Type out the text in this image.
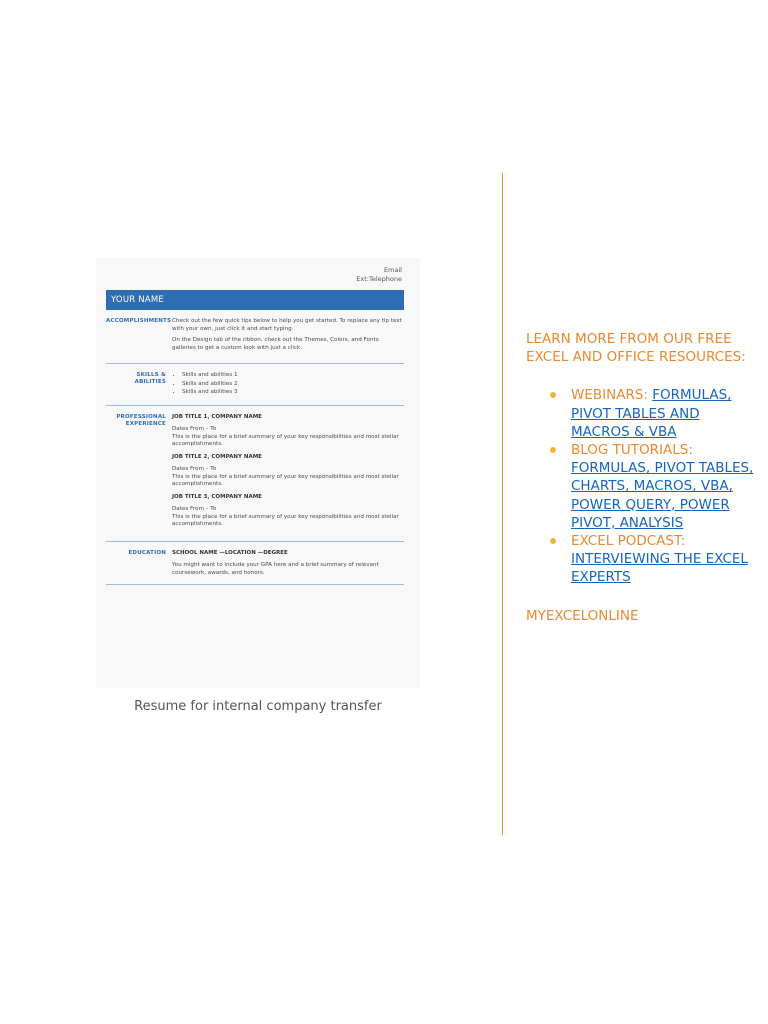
Email
Ext:Telephone
YOUR NAME
ACCOMPLISHMENTS Check out the few quick tips below to help you get started. To replace any tip text with your own, just click it and start typing.

On the Design tab of the ribbon, check out the Themes, Colors, and Fonts galleries to get a custom look with just a click.

SKILLS & ABILITIES
• Skills and abilities 1
• Skills and abilities 2
• Skills and abilities 3
PROFESSIONAL EXPERIENCE
JOB TITLE 1, COMPANY NAME
Dates From – To
This is the place for a brief summary of your key responsibilities and most stellar accomplishments.
JOB TITLE 2, COMPANY NAME
Dates From – To
This is the place for a brief summary of your key responsibilities and most stellar accomplishments.
JOB TITLE 3, COMPANY NAME
Dates From – To
This is the place for a brief summary of your key responsibilities and most stellar accomplishments.
EDUCATION	SCHOOL NAME —LOCATION —DEGREE
You might want to include your GPA here and a brief summary of relevant coursework, awards, and honors.
Resume for internal company transfer
LEARN MORE FROM OUR FREE EXCEL AND OFFICE RESOURCES:
WEBINARS: FORMULAS, PIVOT TABLES AND MACROS & VBA
BLOG TUTORIALS: FORMULAS, PIVOT TABLES, CHARTS, MACROS, VBA, POWER QUERY, POWER PIVOT, ANALYSIS
EXCEL PODCAST: INTERVIEWING THE EXCEL EXPERTS
MYEXCELONLINE
